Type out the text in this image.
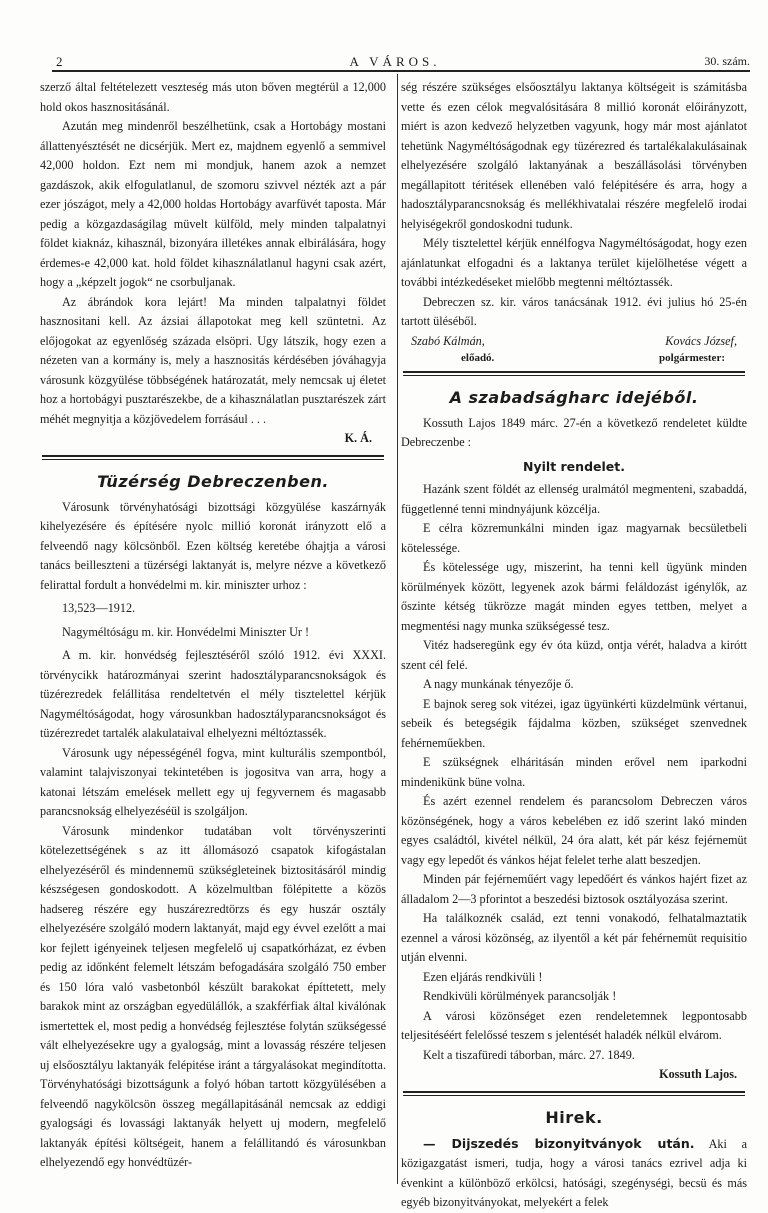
2	A VÁROS.	30. szám.

szerző által feltételezett veszteség más uton bőven megtérül a 12,000 hold okos hasznositásánál.

Azután meg mindenről beszélhetünk, csak a Hortobágy mostani állattenyésztését ne dicsérjük. Mert ez, majdnem egyenlő a semmivel 42,000 holdon. Ezt nem mi mondjuk, hanem azok a nemzet gazdászok, akik elfogulatlanul, de szomoru szivvel nézték azt a pár ezer jószágot, mely a 42,000 holdas Hortobágy avarfüvét taposta. Már pedig a közgazdaságilag müvelt külföld, mely minden talpalatnyi földet kiaknáz, kihasznál, bizonyára illetékes annak elbirálására, hogy érdemes-e 42,000 kat. hold földet kihasználatlanul hagyni csak azért, hogy a „képzelt jogok“ ne csorbuljanak.

Az ábrándok kora lejárt! Ma minden talpalatnyi földet hasznositani kell. Az ázsiai állapotokat meg kell szüntetni. Az előjogokat az egyenlőség százada elsöpri. Ugy látszik, hogy ezen a nézeten van a kormány is, mely a hasznositás kérdésében jóváhagyja városunk közgyülése többségének határozatát, mely nemcsak uj életet hoz a hortobágyi pusztarészekbe, de a kihasználatlan pusztarészek zárt méhét megnyitja a közjövedelem forrásául . . .

K. Á.

Tüzérség Debreczenben.

Városunk törvényhatósági bizottsági közgyülése kaszárnyák kihelyezésére és építésére nyolc millió koronát irányzott elő a felveendő nagy kölcsönből. Ezen költség keretébe óhajtja a városi tanács beilleszteni a tüzérségi laktanyát is, melyre nézve a következő felirattal fordult a honvédelmi m. kir. miniszter urhoz :

13,523—1912.

Nagyméltóságu m. kir. Honvédelmi Miniszter Ur !

A m. kir. honvédség fejlesztéséről szóló 1912. évi XXXI. törvénycikk határozmányai szerint hadosztályparancsnokságok és tüzérezredek felállitása rendeltetvén el mély tisztelettel kérjük Nagyméltóságodat, hogy városunkban hadosztályparancsnokságot és tüzérezredet tartalék alakulataival elhelyezni méltóztassék.

Városunk ugy népességénél fogva, mint kulturális szempontból, valamint talajviszonyai tekintetében is jogositva van arra, hogy a katonai létszám emelések mellett egy uj fegyvernem és magasabb parancsnokság elhelyezéséül is szolgáljon.

Városunk mindenkor tudatában volt törvényszerinti kötelezettségének s az itt állomásozó csapatok kifogástalan elhelyezéséről és mindennemü szükségleteinek biztositásáról mindig készségesen gondoskodott. A közelmultban fölépitette a közös hadsereg részére egy huszárezredtörzs és egy huszár osztály elhelyezésére szolgáló modern laktanyát, majd egy évvel ezelőtt a mai kor fejlett igényeinek teljesen megfelelő uj csapatkórházat, ez évben pedig az időnként felemelt létszám befogadására szolgáló 750 ember és 150 lóra való vasbetonból készült barakokat építtetett, mely barakok mint az országban egyedülállók, a szakférfiak által kiválónak ismertettek el, most pedig a honvédség fejlesztése folytán szükségessé vált elhelyezésekre ugy a gyalogság, mint a lovasság részére teljesen uj elsőosztályu laktanyák felépitése iránt a tárgyalásokat megindította. Törvényhatósági bizottságunk a folyó hóban tartott közgyülésében a felveendő nagykölcsön összeg megállapitásánál nemcsak az eddigi gyalogsági és lovassági laktanyák helyett uj modern, megfelelő laktanyák építési költségeit, hanem a felállitandó és városunkban elhelyezendő egy honvédtüzér-

ség részére szükséges elsőosztályu laktanya költségeit is számitásba vette és ezen célok megvalósitására 8 millió koronát előirányzott, miért is azon kedvező helyzetben vagyunk, hogy már most ajánlatot tehetünk Nagyméltóságodnak egy tüzérezred és tartalékalakulásainak elhelyezésére szolgáló laktanyának a beszállásolási törvényben megállapitott téritések ellenében való felépitésére és arra, hogy a hadosztályparancsnokság és mellékhivatalai részére megfelelő irodai helyiségekről gondoskodni tudunk.

Mély tisztelettel kérjük ennélfogva Nagyméltóságodat, hogy ezen ajánlatunkat elfogadni és a laktanya terület kijelölhetése végett a további intézkedéseket mielőbb megtenni méltóztassék.

Debreczen sz. kir. város tanácsának 1912. évi julius hó 25-én tartott üléséből.

Szabó Kálmán,	Kovács József,
előadó.	polgármester:
A szabadságharc idejéből.

Kossuth Lajos 1849 márc. 27-én a következő rendeletet küldte Debreczenbe :

Nyilt rendelet.

Hazánk szent földét az ellenség uralmától megmenteni, szabaddá, függetlenné tenni mindnyájunk közcélja.

E célra közremunkálni minden igaz magyarnak becsületbeli kötelessége.

És kötelessége ugy, miszerint, ha tenni kell ügyünk minden körülmények között, legyenek azok bármi feláldozást igénylők, az őszinte kétség tükrözze magát minden egyes tettben, melyet a megmentési nagy munka szükségessé tesz.

Vitéz hadseregünk egy év óta küzd, ontja vérét, haladva a kirótt szent cél felé.

A nagy munkának tényezője ő.

E bajnok sereg sok vitézei, igaz ügyünkérti küzdelmünk vértanui, sebeik és betegségik fájdalma közben, szükséget szenvednek fehérneműekben.

E szükségnek elháritásán minden erővel nem iparkodni mindenikünk büne volna.

És azért ezennel rendelem és parancsolom Debreczen város közönségének, hogy a város kebelében ez idő szerint lakó minden egyes családtól, kivétel nélkül, 24 óra alatt, két pár kész fejérnemüt vagy egy lepedőt és vánkos héjat felelet terhe alatt beszedjen.

Minden pár fejérneműért vagy lepedőért és vánkos hajért fizet az álladalom 2—3 pforintot a beszedési biztosok osztályozása szerint.

Ha találkoznék család, ezt tenni vonakodó, felhatalmaztatik ezennel a városi közönség, az ilyentől a két pár fehérnemüt requisitio utján elvenni.

Ezen eljárás rendkivüli !

Rendkivüli körülmények parancsolják !

A városi közönséget ezen rendeletemnek legpontosabb teljesitéséért felelőssé teszem s jelentését haladék nélkül elvárom.

Kelt a tiszafüredi táborban, márc. 27. 1849.

Kossuth Lajos.

Hirek.

— Dijszedés bizonyitványok után. Aki a közigazgatást ismeri, tudja, hogy a városi tanács ezrivel adja ki évenkint a különböző erkölcsi, hatósági, szegénységi, becsü és más egyéb bizonyitványokat, melyekért a felek
